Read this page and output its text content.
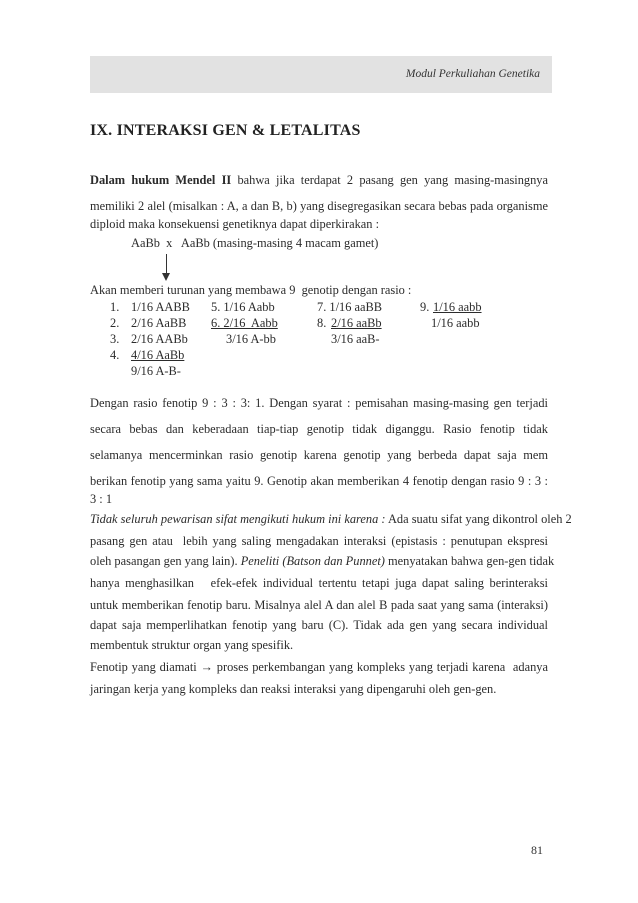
Modul Perkuliahan Genetika
IX. INTERAKSI GEN & LETALITAS
Dalam hukum Mendel II bahwa jika terdapat 2 pasang gen yang masing-masingnya
memiliki 2 alel (misalkan : A, a dan B, b) yang disegregasikan secara bebas pada organisme
diploid maka konsekuensi genetiknya dapat diperkirakan :
AaBb  x   AaBb (masing-masing 4 macam gamet)
Akan memberi turunan yang membawa 9  genotip dengan rasio :
1. 1/16 AABB
2. 2/16 AaBB
3. 2/16 AABb
4. 4/16 AaBb
9/16 A-B-
5. 1/16 Aabb
6. 2/16  Aabb
3/16 A-bb
7. 1/16 aaBB
8. 2/16 aaBb
3/16 aaB-
9. 1/16 aabb
1/16 aabb
Dengan rasio fenotip 9 : 3 : 3: 1. Dengan syarat : pemisahan masing-masing gen terjadi
secara bebas dan keberadaan tiap-tiap genotip tidak diganggu. Rasio fenotip tidak
selamanya mencerminkan rasio genotip karena genotip yang berbeda dapat saja mem
berikan fenotip yang sama yaitu 9. Genotip akan memberikan 4 fenotip dengan rasio 9 : 3 :
3 : 1
Tidak seluruh pewarisan sifat mengikuti hukum ini karena : Ada suatu sifat yang dikontrol oleh 2
pasang gen atau  lebih yang saling mengadakan interaksi (epistasis : penutupan ekspresi
oleh pasangan gen yang lain). Peneliti (Batson dan Punnet) menyatakan bahwa gen-gen tidak
hanya menghasilkan   efek-efek individual tertentu tetapi juga dapat saling berinteraksi
untuk memberikan fenotip baru. Misalnya alel A dan alel B pada saat yang sama (interaksi)
dapat saja memperlihatkan fenotip yang baru (C). Tidak ada gen yang secara individual
membentuk struktur organ yang spesifik.
Fenotip yang diamati → proses perkembangan yang kompleks yang terjadi karena  adanya
jaringan kerja yang kompleks dan reaksi interaksi yang dipengaruhi oleh gen-gen.
81
